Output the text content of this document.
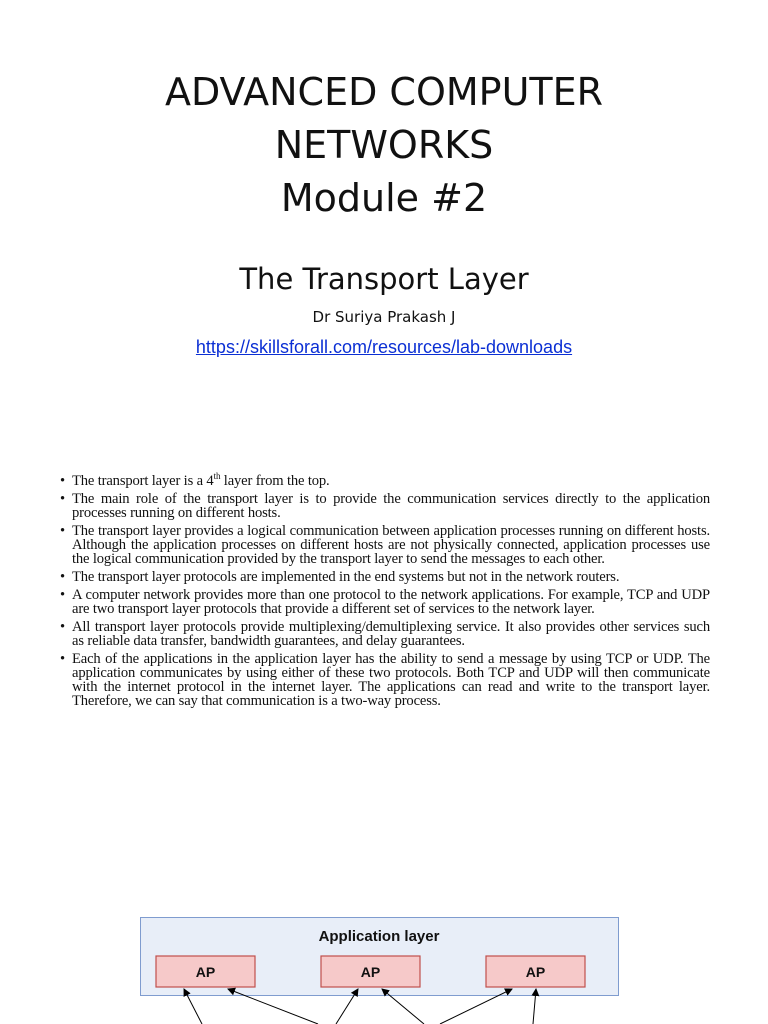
ADVANCED COMPUTER
NETWORKS
Module #2
The Transport Layer
Dr Suriya Prakash J
https://skillsforall.com/resources/lab-downloads
• The transport layer is a 4th layer from the top.
• The main role of the transport layer is to provide the communication services directly to the application processes running on different hosts.
• The transport layer provides a logical communication between application processes running on different hosts. Although the application processes on different hosts are not physically connected, application processes use the logical communication provided by the transport layer to send the messages to each other.
• The transport layer protocols are implemented in the end systems but not in the network routers.
• A computer network provides more than one protocol to the network applications. For example, TCP and UDP are two transport layer protocols that provide a different set of services to the network layer.
• All transport layer protocols provide multiplexing/demultiplexing service. It also provides other services such as reliable data transfer, bandwidth guarantees, and delay guarantees.
• Each of the applications in the application layer has the ability to send a message by using TCP or UDP. The application communicates by using either of these two protocols. Both TCP and UDP will then communicate with the internet protocol in the internet layer. The applications can read and write to the transport layer. Therefore, we can say that communication is a two-way process.
Application layer
AP	AP	AP
